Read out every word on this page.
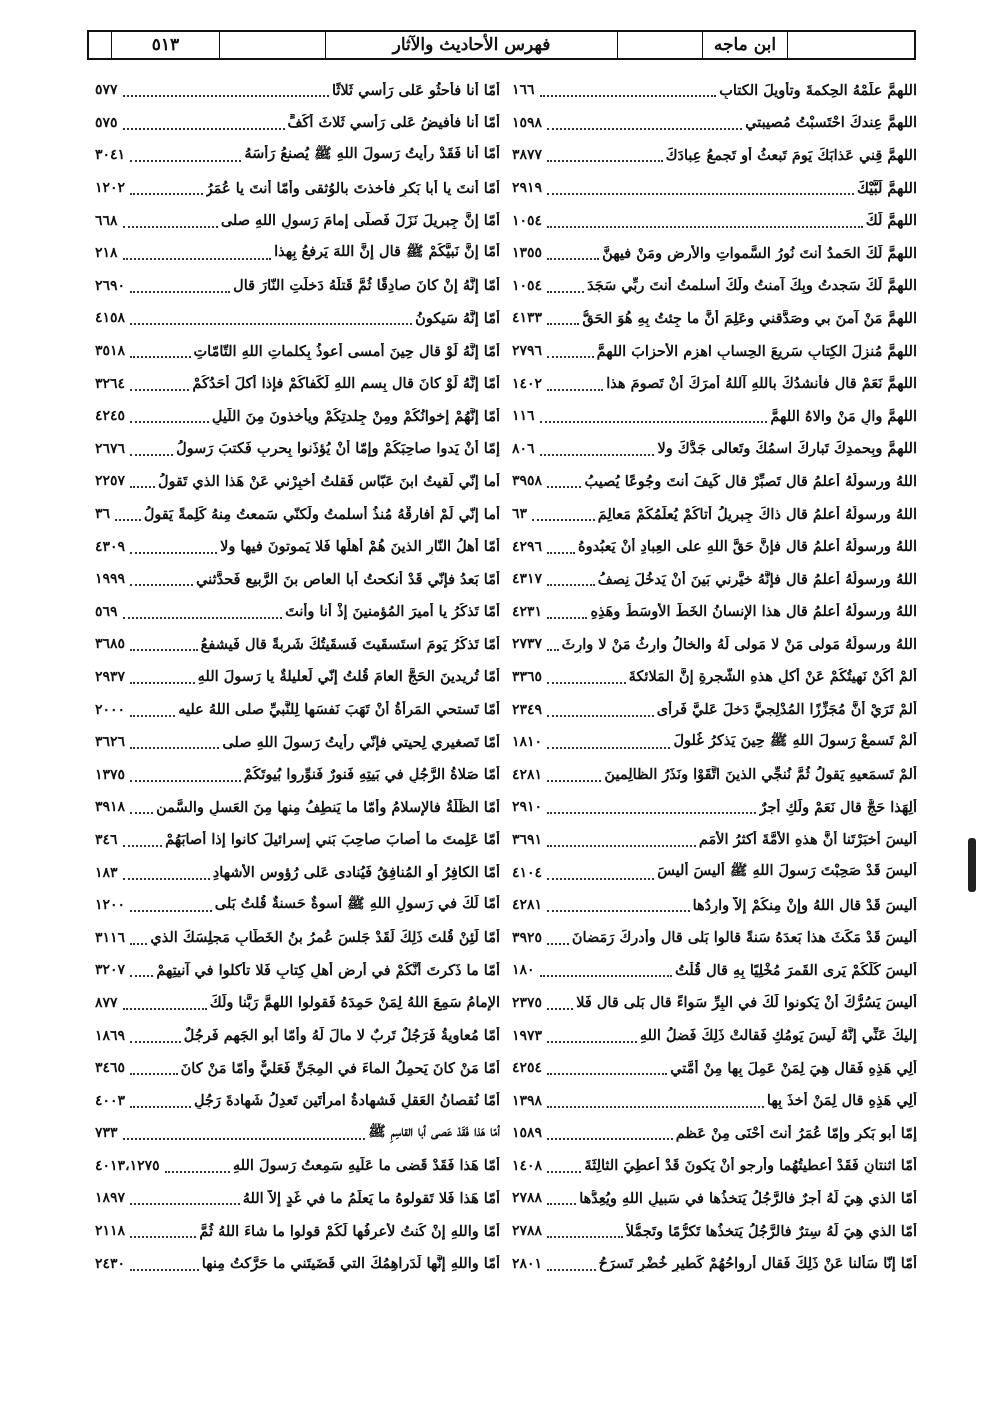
٥١٣	فهرس الأحاديث والآثار	ابن ماجه
٥٧٧	أمّا أنا فأحثُو عَلى رَأسي ثَلاثًا
٥٧٥	أمّا أنا فأُفيضُ عَلى رَأسي ثَلاثَ أكُفٍّ
٣٠٤١	أمّا أنا فَقَدْ رأيتُ رَسولَ اللهِ ﷺ يُصنعُ رَأسَهُ
١٢٠٢	أمّا أنتَ يا أبا بَكرٍ فأخذتَ بالوُثقى وأمّا أنتَ يا عُمَرُ
٦٦٨	أمّا إنَّ جِبريلَ نَزَلَ فَصلّى إمامَ رَسولِ اللهِ صلى
٢١٨	أمّا إنَّ نَبيَّكُمْ ﷺ قال إنَّ اللهَ يَرفعُ بِهذا
٢٦٩٠	أمّا إنَّهُ إنْ كانَ صادِقًا ثُمَّ قَتلَهُ دَخلَتِ النّارَ قال
٤١٥٨	أمّا إنَّهُ سَيكونُ
٣٥١٨	أمّا إنَّهُ لَوْ قال حِينَ أمسى أعوذُ بِكلماتِ اللهِ التّامّاتِ
٣٢٦٤	أمّا إنَّهُ لَوْ كانَ قال بِسمِ اللهِ لَكَفاكُمْ فإذا أكلَ أحَدُكُمْ
٤٢٤٥	أمّا إنَّهُمْ إخوانُكُمْ ومِنْ جِلدتِكُمْ ويأخذونَ مِنَ اللَّيلِ
٢٦٧٦	إمّا أنْ يَدوا صاحِبَكُمْ وإمّا أنْ يُؤذَنوا بِحربٍ فَكتبَ رَسولُ
٢٢٥٧ أما إنّي لَقيتُ ابنَ عَبّاسٍ فَقلتُ أخبِرْني عَنْ هَذا الذي تَقولُ
٣٦ أما إنّي لَمْ أُفارقْهُ مُنذُ أسلمتُ ولَكنّي سَمعتُ مِنهُ كَلِمةً يَقولُ
٤٣٠٩	أمّا أهلُ النّارِ الذينَ هُمْ أهلُها فَلا يَموتونَ فيها ولا
١٩٩٩	أمّا بَعدُ فإنّي قَدْ أنكحتُ أبا العاصِ بنَ الرَّبيعِ فَحدَّثني
٥٦٩	أمّا تَذكُرُ يا أميرَ المُؤمنينَ إذْ أنا وأنتَ
٣٦٨٥	أمّا تَذكُرُ يَومَ استَسقَيتَ فَسقَيتُكَ شَربةً قال فَيشفعُ
٢٩٣٧	أمّا تُريدينَ الحَجَّ العامَ قُلتُ إنّي لَعليلةٌ يا رَسولَ اللهِ
٢٠٠٠	أمّا تَستحي المَرأةُ أنْ تَهَبَ نَفسَها لِلنَّبيِّ صلى اللهُ عليه
٣٦٢٦	أمّا تَصغيري لِحيتي فإنّي رأيتُ رَسولَ اللهِ صلى
١٣٧٥	أمّا صَلاةُ الرَّجُلِ في بَيتِهِ فَنورٌ فَنوِّروا بُيوتَكُمْ
٣٩١٨ أمّا الظُّلَّةُ فالإسلامُ وأمّا ما يَنطِفُ مِنها مِنَ العَسلِ والسَّمنِ
٣٤٦	أمّا عَلِمتَ ما أصابَ صاحِبَ بَني إسرائيلَ كانوا إذا أصابَهُمْ
١٨٣	أمّا الكافِرُ أوِ المُنافِقُ فَيُنادى عَلى رُؤوسِ الأشهادِ
١٢٠٠	أمّا لَكَ في رَسولِ اللهِ ﷺ أُسوةٌ حَسنةٌ قُلتُ بَلى
٣١١٦ أمّا لَئِنْ قُلتَ ذَلِكَ لَقَدْ جَلسَ عُمرُ بنُ الخَطّابِ مَجلِسَكَ الذي
٣٢٠٧ أمّا ما ذَكرتَ أنَّكُمْ في أرضِ أهلِ كِتابٍ فَلا تأكلوا في آنيتِهِمْ
٨٧٧	الإمامُ سَمِعَ اللهُ لِمَنْ حَمِدَهُ فَقولوا اللهمَّ رَبَّنا ولَكَ
١٨٦٩	أمّا مُعاويةُ فَرَجُلٌ تَرِبٌ لا مالَ لَهُ وأمّا أبو الجَهمِ فَرجُلٌ
٣٤٦٥	أمّا مَنْ كانَ يَحمِلُ الماءَ في المِجَنِّ فَعَليٌّ وأمّا مَنْ كانَ
٤٠٠٣	أمّا نُقصانُ العَقلِ فَشهادةُ امرأتَينِ تَعدِلُ شَهادةَ رَجُلٍ
٧٣٣	أمّا هَذا فَقَدْ عَصى أبا القاسِمِ ﷺ
٤٠١٣،١٢٧٥	أمّا هَذا فَقَدْ قَضى ما عَلَيهِ سَمِعتُ رَسولَ اللهِ
١٨٩٧	أمّا هَذا فَلا تَقولوهُ ما يَعلَمُ ما في غَدٍ إلاَّ اللهُ
٢١١٨	أمّا واللهِ إنْ كُنتُ لأعرِفُها لَكُمْ قولوا ما شاءَ اللهُ ثُمَّ
٢٤٣٠	أمّا واللهِ إنَّها لَدَراهِمُكَ التي قَضَيتَني ما حَرَّكتُ مِنها
١٦٦	اللهمَّ علِّمْهُ الحِكمةَ وتأويلَ الكتابِ
١٥٩٨	اللهمَّ عِندكَ احْتَسبْتُ مُصيبتي
٣٨٧٧	اللهمَّ قِني عَذابَكَ يَومَ تَبعثُ أو تَجمعُ عِبادَكَ
٢٩١٩	اللهمَّ لَبَّيْكَ
١٠٥٤	اللهمَّ لَكَ
١٣٥٥	اللهمَّ لَكَ الحَمدُ أنتَ نُورُ السَّمواتِ والأرضِ ومَنْ فيهنَّ
١٠٥٤	اللهمَّ لَكَ سَجدتُ وبِكَ آمنتُ ولَكَ أسلمتُ أنتَ ربِّي سَجَدَ
٤١٣٣	اللهمَّ مَنْ آمنَ بي وصَدَّقني وعَلِمَ أنَّ ما جِئتُ بِهِ هُوَ الحَقُّ
٢٧٩٦	اللهمَّ مُنزِلَ الكِتابِ سَريعَ الحِسابِ اهزِمِ الأحزابَ اللهمَّ
١٤٠٢	اللهمَّ نَعَمْ قال فأنشدُكَ باللهِ آللهُ أمرَكَ أنْ تَصومَ هذا
١١٦	اللهمَّ والِ مَنْ والاهُ اللهمَّ
٨٠٦	اللهمَّ وبِحمدِكَ تَباركَ اسمُكَ وتَعالى جَدُّكَ ولا
٣٩٥٨	اللهُ ورسولُهُ أعلمُ قال تَصبِّرْ قال كَيفَ أنتَ وجُوعًا يُصيبُ
٦٣	اللهُ ورسولُهُ أعلمُ قال ذاكَ جِبريلُ أتاكُمْ يُعلِّمُكُمْ مَعالِمَ
٤٢٩٦ اللهُ ورسولُهُ أعلمُ قال فإنَّ حَقَّ اللهِ على العِبادِ أنْ يَعبُدوهُ
٤٣١٧	اللهُ ورسولُهُ أعلمُ قال فإنَّهُ خيَّرني بَينَ أنْ يَدخُلَ نِصفُ
٤٢٣١	اللهُ ورسولُهُ أعلمُ قال هذا الإنسانُ الخَطُّ الأوسَطُ وهَذِهِ
٢٧٣٧ اللهُ ورسولُهُ مَولى مَنْ لا مَولى لَهُ والخالُ وارِثُ مَنْ لا وارِثَ
٣٣٦٥	ألمْ أكُنْ نَهيتُكُمْ عَنْ أكلِ هذهِ الشَّجرةِ إنَّ المَلائكةَ
٢٣٤٩	ألمْ تَرَيْ أنَّ مُجَزِّزًا المُدْلِجيَّ دَخلَ عَليَّ فَرأى
١٨١٠	ألمْ تَسمعْ رَسولَ اللهِ ﷺ حِينَ يَذكرُ غُلولَ
٤٢٨١	ألمْ تَسمَعيهِ يَقولُ ثُمَّ نُنجِّي الذينَ اتَّقَوْا ونَذَرُ الظالِمينَ
٢٩١٠	ألِهَذا حَجٌّ قال نَعَمْ ولَكِ أجرٌ
٣٦٩١	أليسَ أخبَرْتَنا أنَّ هذهِ الأُمَّةَ أكثرُ الأُمَمِ
٤١٠٤	أليسَ قَدْ صَحِبْتَ رَسولَ اللهِ ﷺ أليسَ أليسَ
٤٢٨١	أليسَ قَدْ قال اللهُ وإنْ مِنكُمْ إلاَّ وارِدُها
٣٩٢٥ أليسَ قَدْ مَكَثَ هذا بَعدَهُ سَنةً قالوا بَلى قال وأدركَ رَمَضانَ
١٨٠	أليسَ كُلُّكُمْ يَرى القَمرَ مُخْلِيًا بِهِ قال قُلْتُ
٢٣٧٥ أليسَ يَسُرُّكَ أنْ يَكونوا لَكَ في البِرِّ سَواءً قال بَلى قال فَلا
١٩٧٣	إليكَ عَنِّي إنَّهُ لَيسَ يَومُكِ فَقالتْ ذَلِكَ فَضلُ اللهِ
٤٢٥٤	ألِي هَذِهِ فَقال هِيَ لِمَنْ عَمِلَ بِها مِنْ أُمَّتي
١٣٩٨	ألِي هَذِهِ قال لِمَنْ أخذَ بِها
١٥٨٩	إمّا أبو بَكرٍ وإمّا عُمَرُ أنتَ أحْنَى مِنْ عَظمٍ
١٤٠٨	أمّا اثنتانِ فَقَدْ أعطيتُهُما وأرجو أنْ يَكونَ قَدْ أُعطِيَ الثالِثَةَ
٢٧٨٨	أمّا الذي هِيَ لَهُ أجرٌ فالرَّجُلُ يَتخذُها في سَبيلِ اللهِ ويُعِدُّها
٢٧٨٨	أمّا الذي هِيَ لَهُ سِترٌ فالرَّجُلُ يَتخذُها تَكرُّمًا وتَجمُّلاً
٢٨٠١	أمّا إنّا سَألنا عَنْ ذَلِكَ فَقال أرواحُهُمْ كَطيرٍ خُضْرٍ تَسرَحُ
